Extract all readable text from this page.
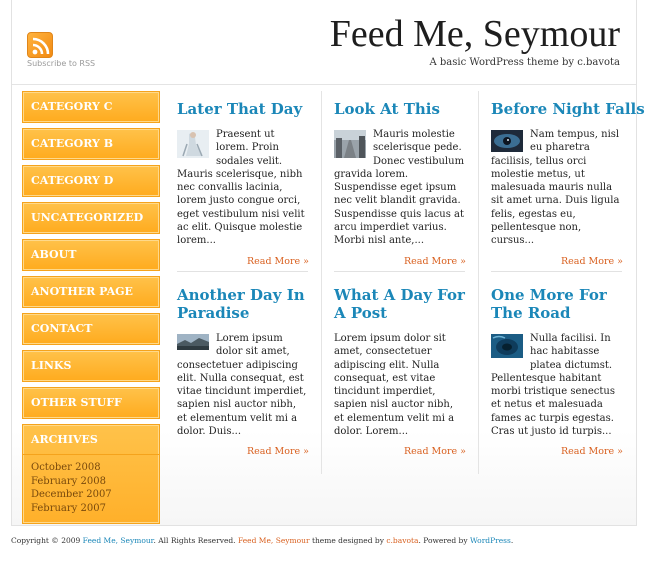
Subscribe to RSS
Feed Me, Seymour
A basic WordPress theme by c.bavota
CATEGORY C
CATEGORY B
CATEGORY D
UNCATEGORIZED
ABOUT
ANOTHER PAGE
CONTACT
LINKS
OTHER STUFF
ARCHIVES
October 2008
February 2008
December 2007
February 2007
Later That Day
Praesent ut lorem. Proin sodales velit. Mauris scelerisque, nibh nec convallis lacinia, lorem justo congue orci, eget vestibulum nisi velit ac elit. Quisque molestie lorem...
Read More »
Look At This
Mauris molestie scelerisque pede. Donec vestibulum gravida lorem. Suspendisse eget ipsum nec velit blandit gravida. Suspendisse quis lacus at arcu imperdiet varius. Morbi nisl ante,...
Read More »
Before Night Falls
Nam tempus, nisl eu pharetra facilisis, tellus orci molestie metus, ut malesuada mauris nulla sit amet urna. Duis ligula felis, egestas eu, pellentesque non, cursus...
Read More »
Another Day In Paradise
Lorem ipsum dolor sit amet, consectetuer adipiscing elit. Nulla consequat, est vitae tincidunt imperdiet, sapien nisl auctor nibh, et elementum velit mi a dolor. Duis...
Read More »
What A Day For A Post
Lorem ipsum dolor sit amet, consectetuer adipiscing elit. Nulla consequat, est vitae tincidunt imperdiet, sapien nisl auctor nibh, et elementum velit mi a dolor. Lorem...
Read More »
One More For The Road
Nulla facilisi. In hac habitasse platea dictumst. Pellentesque habitant morbi tristique senectus et netus et malesuada fames ac turpis egestas. Cras ut justo id turpis...
Read More »
Copyright © 2009 Feed Me, Seymour. All Rights Reserved. Feed Me, Seymour theme designed by c.bavota. Powered by WordPress.
